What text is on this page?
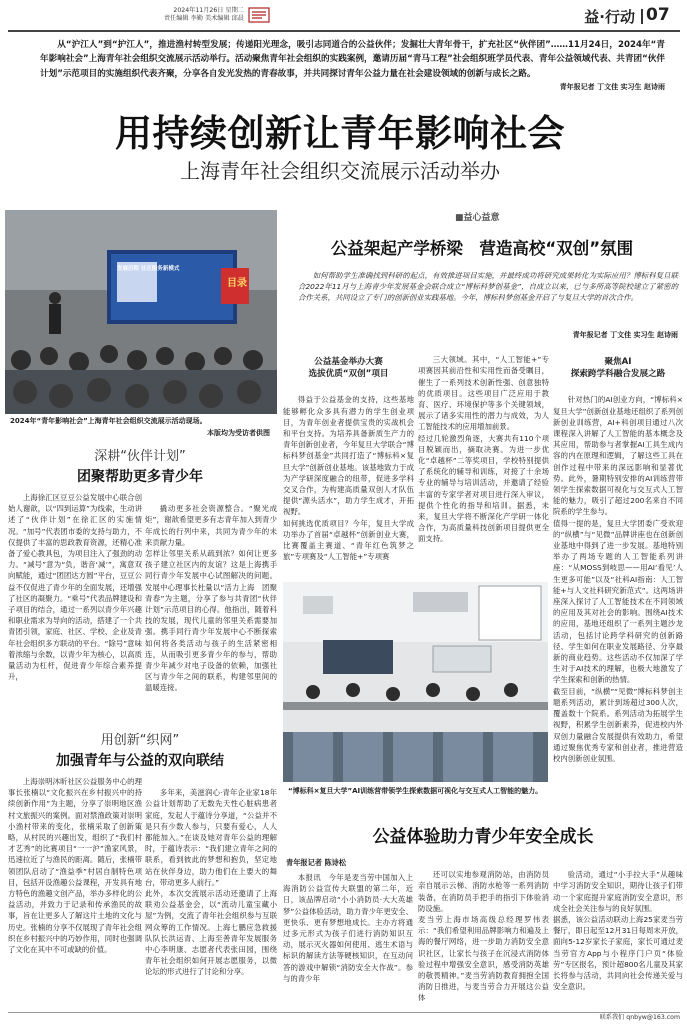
2024年11月26日 星期二
责任编辑 李勤 美术编辑 邱晨	益·行动 07
从“沪江人”到“护江人”，推进渔村转型发展；传递阳光理念，吸引志同道合的公益伙伴；发掘壮大青年骨干，扩充社区“伙伴团”……11月24日，2024年“青年影响社会”上海青年社会组织交流展示活动举行。活动聚焦青年社会组织的实践案例，邀请历届“青马工程”社会组织班学员代表、青年公益领域代表、共青团“伙伴计划”示范项目的实施组织代表齐聚，分享各自发光发热的青春故事，并共同探讨青年公益力量在社会建设领域的创新与成长之路。
青年报记者 丁文佳 实习生 赵诗雨
用持续创新让青年影响社会
上海青年社会组织交流展示活动举办
发展历程 社区服务新模式
目录
2024年“青年影响社会”上海青年社会组织交流展示活动现场。
本版均为受访者供图
深耕“伙伴计划”
团聚帮助更多青少年

上海徐汇区豆豆公益发展中心联合创始人谢歆，以“四到运算”为线索，生动讲述了“伙伴计划”在徐汇区的实施情况。“加号”代表团市委的支持与助力，不仅提供了丰富的思政教育资源，还精心准备了爱心教具包，为项目注入了强劲的动力。“减号”意为“负，谐音‘减’”，寓意双向赋能，通过“团团达方圆”平台，豆豆公益不仅促进了青少年的全面发展，还增强了社区的凝聚力。“乘号”代表品牌建设和子项目的结合，通过一系列以青少年兴趣和职业需求为导向的活动，搭建了一个共青团引领，家庭、社区、学校、企业及青年社会组织多方联动的平台。“除号”意味着浓缩与余数，以青少年为核心，以高质量活动为杠杆，促进青少年综合素养提升，

撬动更多社会资源整合。“聚光成炬”，谢歆希望更多有志青年加入到青少年成长的行列中来，共同为青少年的未来贡献力量。
怎样让邻里关系从疏到浓？如何让更多孩子建立社区内的友谊？这是上海携手同行青少年发展中心试图解决的问题。发展中心理事长杜量以“活力上海　团聚青春”为主题，分享了参与共青团“伙伴计划”示范项目的心得。他指出，随着科技的发展，现代儿童的邻里关系需要加强。携手同行青少年发展中心不断探索如何将各类活动与孩子的生活紧密相连，从而吸引更多青少年的参与，帮助青少年减少对电子设备的依赖，加强社区与青少年之间的联系，构建邻里间的温暖连接。

用创新“织网”
加强青年与公益的双向联结

上海崇明沐昕社区公益服务中心的理事长张楠以“文化振兴在乡村振兴中的持续创新作用”为主题，分享了崇明地区渔村文旅振兴的案例。面对禁渔政策对崇明小渔村带来的变化，张楠采取了创新策略，从村民的兴趣出发，组织了“我们村才艺秀”的比赛项目“一一沪”渔家风景，迅速拉近了与渔民的距离。随后，张楠带领团队启动了“渔益季”村居自制特色项目，包括开设渔趣公益课程，开发具有地方特色的渔趣文创产品，举办多样化的公益活动，并致力于记录和传承渔民的故事，旨在让更多人了解这片土地的文化与历史。张楠的分享不仅展现了青年社会组织在乡村振兴中的巧妙作用，同时也强调了文化在其中不可或缺的价值。

多年来，美滋润心·青年企业家18年公益计划帮助了无数先天性心脏病患者家庭，发起人于蕴诗分享道，“公益并不是只有少数人参与，只要有爱心，人人都能加入。”在谈及她对青年公益的理解时，于蕴诗表示：“我们建立青年之间的联系，看到彼此的梦想和抱负，坚定地站在伙伴身边，助力他们在上要大的舞台，带动更多人前行。”
此外，本次交流展示活动还邀请了上海联劝公益基金会，以“流动儿童宝藏小屋”为例，交流了青年社会组织参与互联网众筹的工作情况。上海七鹏应急救援队队长洪运青、上海至善青年发展服务中心李明康、志愿者代表张田园，围绕青年社会组织如何开展志愿服务，以微论坛的形式进行了讨论和分享。

■益心益意
公益架起产学桥梁　营造高校“双创”氛围
如何帮助学生准确找到科研的起点，有效推进项目实施，并最终成功将研究成果转化为实际应用？博标科复旦联合2022年11月与上海青少年发展基金会联合成立“博标科梦创基金”，自成立以来，已与多所高等院校建立了紧密的合作关系，共同设立了专门的创新创业实践基地。今年，博标科梦创基金开启了与复旦大学的首次合作。
青年报记者 丁文佳 实习生 赵诗雨

公益基金举办大赛
选拔优质“双创”项目

得益于公益基金的支持，这些基地能够孵化众多具有潜力的学生创业项目，为青年创业者提供宝贵的实战机会和平台支持。为培养具备新质生产力的青年创新创业者，今年复旦大学联合“博标科梦创基金”共同打造了“博标科×复旦大学”创新创业基地。该基地致力于成为产学研深度融合的纽带，促进多学科交叉合作，为构建高质量双创人才队伍提供“源头活水”，助力学生成才，开拓视野。
如何挑选优质项目？今年，复旦大学成功举办了首届“卓越杯”创新创业大赛，比赛覆盖主赛道、“青年红色筑梦之旅”专项赛及“人工智能+”专项赛

三大领域。其中，“人工智能+”专项赛因其前沿性和实用性而备受瞩目，催生了一系列技术创新性强、创意独特的优质项目。这些项目广泛应用于教育、医疗、环境保护等多个关键领域，展示了诸多实用性的潜力与成效，为人工智能技术的应用增加前景。
经过几轮激烈角逐，大赛共有110个项目脱颖而出，摘取决赛。为进一步优化“卓越杯”二等奖项目，学校特别提供了系统化的辅导和训练，对接了十余场专业的辅导与培训活动，并邀请了经验丰富的专家学者对项目进行深入审议，提供个性化的指导和培训。据悉，未来，复旦大学将不断深化产学研一体化合作，为高质量科技创新项目提供更全面支持。

聚焦AI
探索跨学科融合发展之路

针对热门的AI创业方向，“博标科×复旦大学”创新创业基地还组织了系列创新创业训练营，AI+科创项目通过八次课程深入讲解了人工智能的基本概念及其应用，帮助参与者掌握AI工具生成内容的内在原理和逻辑，了解这些工具在创作过程中带来的深远影响和显著优势。此外，暑期特别安排的AI训练营带领学生探索数据可视化与交互式人工智能的魅力，吸引了超过200名来自不同院系的学生参与。
值得一提的是，复旦大学团委广受欢迎的“纵横”与“见微”品牌讲座也在创新创业基地中得到了进一步发展。基地特别举办了两场专题的人工智能系列讲座：“从MOSS到岐思——用AI‘看见’人生更多可能”以及“社科AI指南：人工智能+与人文社科研究新范式”。这两场讲座深入探讨了人工智能技术在不同领域的应用及其对社会的影响。围绕AI技术的应用，基地还组织了一系列主题沙龙活动，包括讨论跨学科研究的创新路径、学生如何在职业发展路径、分享最新的商业趋势。这些活动不仅加深了学生对于AI技术的理解，也极大地激发了学生探索和创新的热情。
截至目前，“纵横”“见微”博标科梦创主题系列活动，累计到场超过300人次，覆盖数十个院系。系列活动为拓展学生视野，积累学生创新素养，促进校内外双创力量融合发展提供有效助力，希望通过聚焦优秀专家和创业者，推进营造校内创新创业氛围。

“博标科×复旦大学”AI训练营带领学生探索数据可视化与交互式人工智能的魅力。
公益体验助力青少年安全成长
青年报记者 陈诗松

本报讯　今年是麦当劳中国加入上海消防公益宣传大联盟的第二年，近日，该品牌启动“小小消防员·大大英雄梦”公益体验活动，助力青少年更安全、更快乐、更有梦想地成长。主办方将通过多元形式为孩子们进行消防知识互动，展示灭火器如何使用、逃生术语与标识的解读方法等硬核知识，在互动问答的游戏中解锁“消防安全大作战”。参与的青少年

还可以实地参观消防站，由消防员亲自展示云梯、消防水枪等一系列消防装备，在消防员手把手的指引下体验消防设施。
麦当劳上海市场高级总经理罗伟表示：“我们希望利用品牌影响力和遍及上海的餐厅网络，进一步助力消防安全意识社区，让家长与孩子在沉浸式消防体验过程中增强安全意识，感受消防英雄的敬畏精神。”麦当劳消防教育拥抱全国消防日推进，与麦当劳合力开展这公益体

验活动，通过“小手拉大手”从趣味中学习消防安全知识，期待让孩子们带动一个家庭提升家庭消防安全意识，形成全社会关注参与的良好氛围。
据悉，该公益活动联动上海25家麦当劳餐厅，即日起至12月31日每周末开放，面向5-12岁家长子家庭，家长可通过麦当劳官方App与小程序门户页“体验劳”专区报名，预计超800名儿童及其家长将参与活动，共同向社会传递关爱与安全意识。

联系我们 qnbyw@163.com
